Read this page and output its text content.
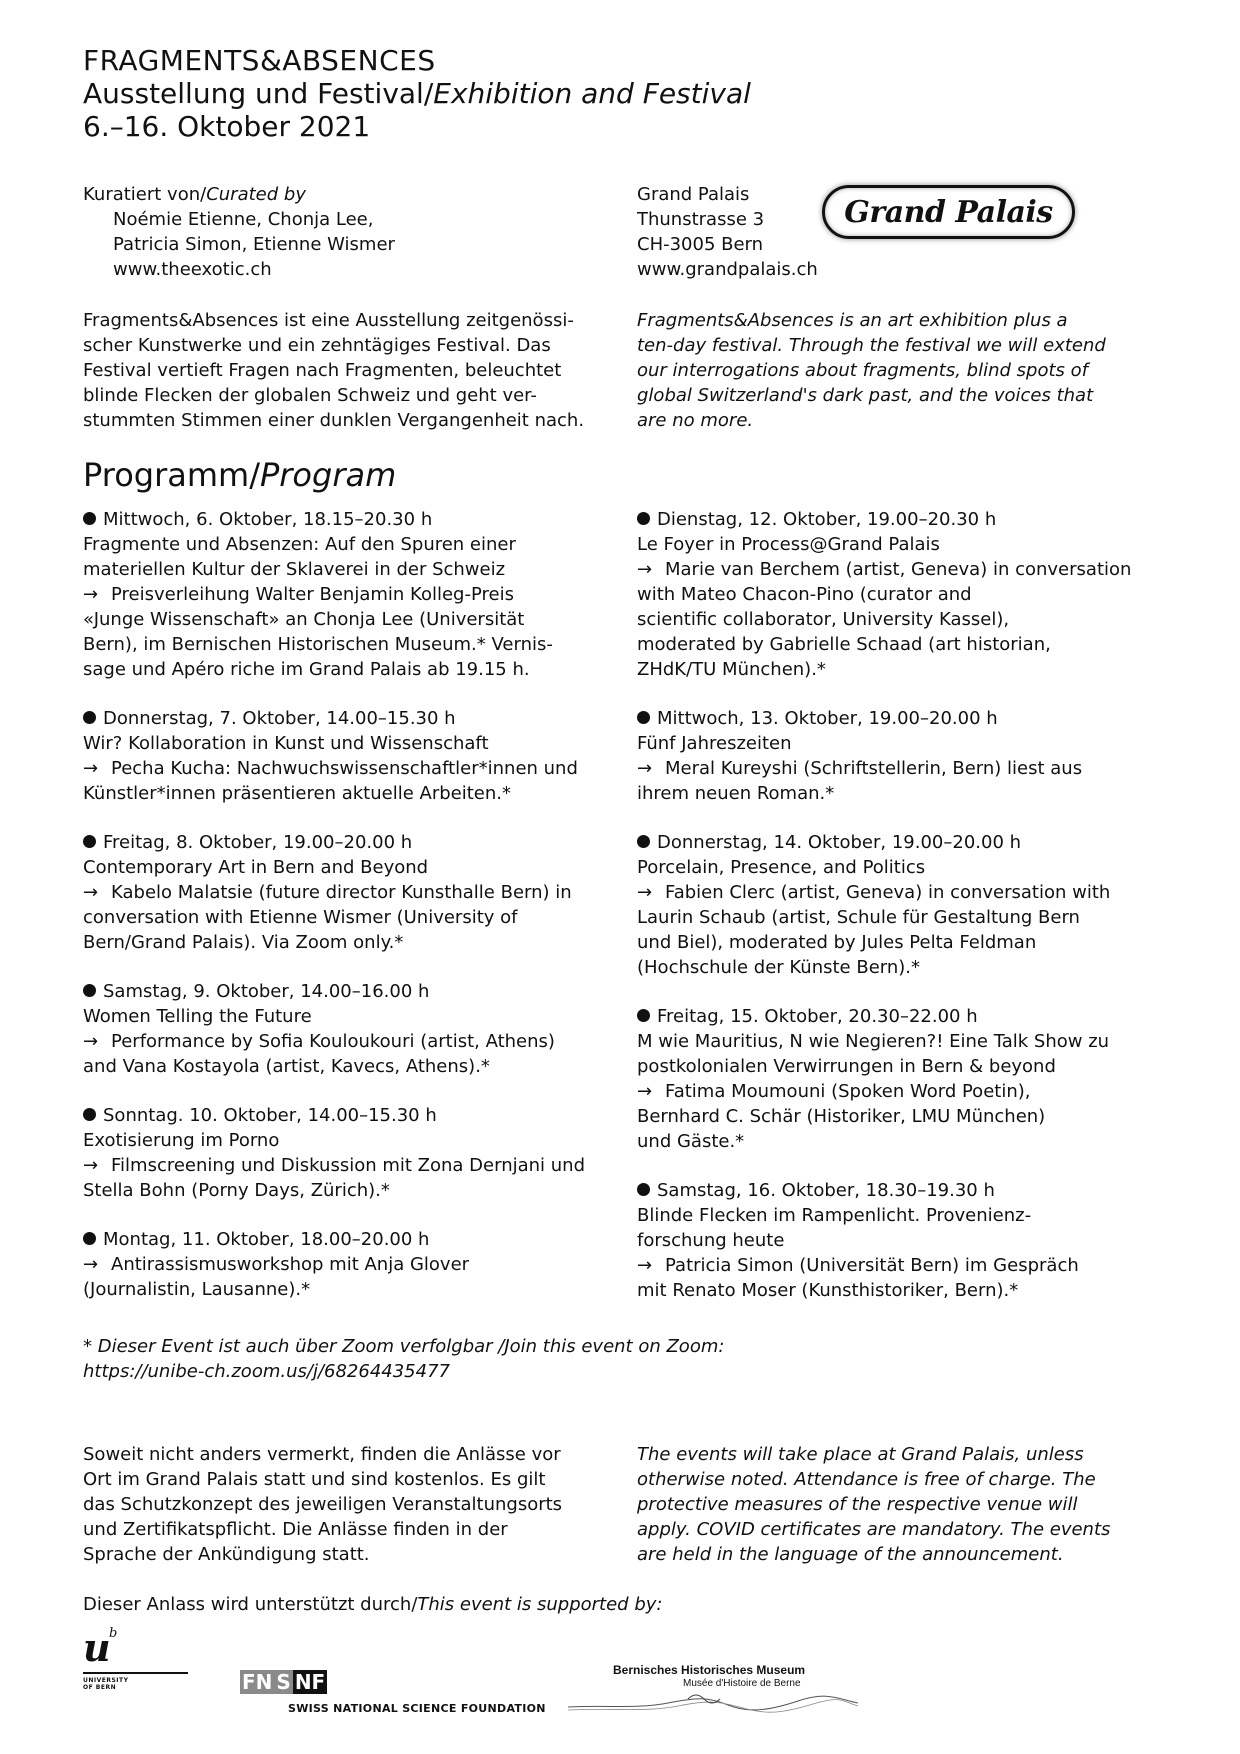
FRAGMENTS&ABSENCES
Ausstellung und Festival/Exhibition and Festival
6.–16. Oktober 2021
Kuratiert von/Curated by
Noémie Etienne, Chonja Lee,
Patricia Simon, Etienne Wismer
www.theexotic.ch
Grand Palais
Thunstrasse 3
CH-3005 Bern
www.grandpalais.ch
Grand Palais
Fragments&Absences ist eine Ausstellung zeitgenössi-
scher Kunstwerke und ein zehntägiges Festival. Das
Festival vertieft Fragen nach Fragmenten, beleuchtet
blinde Flecken der globalen Schweiz und geht ver-
stummten Stimmen einer dunklen Vergangenheit nach.
Fragments&Absences is an art exhibition plus a
ten-day festival. Through the festival we will extend
our interrogations about fragments, blind spots of
global Switzerland's dark past, and the voices that
are no more.
Programm/Program
Mittwoch, 6. Oktober, 18.15–20.30 h
Fragmente und Absenzen: Auf den Spuren einer
materiellen Kultur der Sklaverei in der Schweiz
→ Preisverleihung Walter Benjamin Kolleg-Preis
«Junge Wissenschaft» an Chonja Lee (Universität
Bern), im Bernischen Historischen Museum.* Vernis-
sage und Apéro riche im Grand Palais ab 19.15 h.
Donnerstag, 7. Oktober, 14.00–15.30 h
Wir? Kollaboration in Kunst und Wissenschaft
→ Pecha Kucha: Nachwuchswissenschaftler*innen und
Künstler*innen präsentieren aktuelle Arbeiten.*
Freitag, 8. Oktober, 19.00–20.00 h
Contemporary Art in Bern and Beyond
→ Kabelo Malatsie (future director Kunsthalle Bern) in
conversation with Etienne Wismer (University of
Bern/Grand Palais). Via Zoom only.*
Samstag, 9. Oktober, 14.00–16.00 h
Women Telling the Future
→ Performance by Sofia Kouloukouri (artist, Athens)
and Vana Kostayola (artist, Kavecs, Athens).*
Sonntag. 10. Oktober, 14.00–15.30 h
Exotisierung im Porno
→ Filmscreening und Diskussion mit Zona Dernjani und
Stella Bohn (Porny Days, Zürich).*
Montag, 11. Oktober, 18.00–20.00 h
→ Antirassismusworkshop mit Anja Glover
(Journalistin, Lausanne).*
Dienstag, 12. Oktober, 19.00–20.30 h
Le Foyer in Process@Grand Palais
→ Marie van Berchem (artist, Geneva) in conversation
with Mateo Chacon-Pino (curator and
scientific collaborator, University Kassel),
moderated by Gabrielle Schaad (art historian,
ZHdK/TU München).*
Mittwoch, 13. Oktober, 19.00–20.00 h
Fünf Jahreszeiten
→ Meral Kureyshi (Schriftstellerin, Bern) liest aus
ihrem neuen Roman.*
Donnerstag, 14. Oktober, 19.00–20.00 h
Porcelain, Presence, and Politics
→ Fabien Clerc (artist, Geneva) in conversation with
Laurin Schaub (artist, Schule für Gestaltung Bern
und Biel), moderated by Jules Pelta Feldman
(Hochschule der Künste Bern).*
Freitag, 15. Oktober, 20.30–22.00 h
M wie Mauritius, N wie Negieren?! Eine Talk Show zu
postkolonialen Verwirrungen in Bern & beyond
→ Fatima Moumouni (Spoken Word Poetin),
Bernhard C. Schär (Historiker, LMU München)
und Gäste.*
Samstag, 16. Oktober, 18.30–19.30 h
Blinde Flecken im Rampenlicht. Provenienz-
forschung heute
→ Patricia Simon (Universität Bern) im Gespräch
mit Renato Moser (Kunsthistoriker, Bern).*
* Dieser Event ist auch über Zoom verfolgbar /Join this event on Zoom:
https://unibe-ch.zoom.us/j/68264435477
Soweit nicht anders vermerkt, finden die Anlässe vor
Ort im Grand Palais statt und sind kostenlos. Es gilt
das Schutzkonzept des jeweiligen Veranstaltungsorts
und Zertifikatspflicht. Die Anlässe finden in der
Sprache der Ankündigung statt.
The events will take place at Grand Palais, unless
otherwise noted. Attendance is free of charge. The
protective measures of the respective venue will
apply. COVID certificates are mandatory. The events
are held in the language of the announcement.
Dieser Anlass wird unterstützt durch/This event is supported by:
u
b
UNIVERSITY
OF BERN	FN S NF
SWISS NATIONAL SCIENCE FOUNDATION
Bernisches Historisches Museum
Musée d'Histoire de Berne
